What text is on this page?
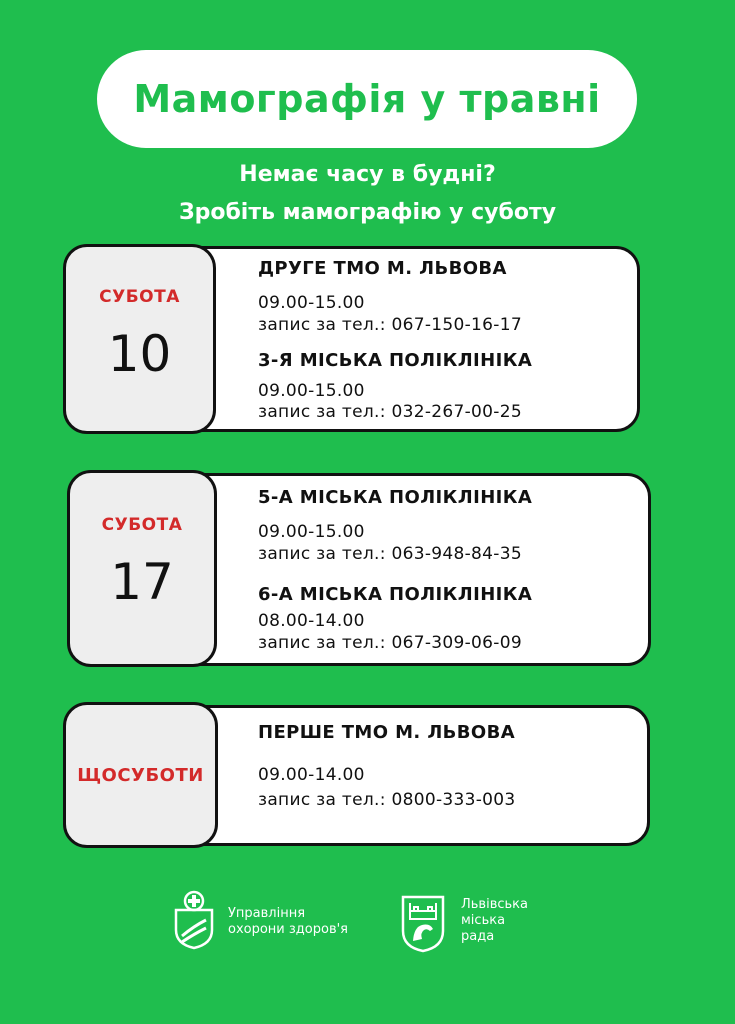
Мамографія у травні
Немає часу в будні?
Зробіть мамографію у суботу
СУБОТА
10
ДРУГЕ ТМО М. ЛЬВОВА
09.00-15.00
запис за тел.: 067-150-16-17
3-Я МІСЬКА ПОЛІКЛІНІКА
09.00-15.00
запис за тел.: 032-267-00-25
СУБОТА
17
5-А МІСЬКА ПОЛІКЛІНІКА
09.00-15.00
запис за тел.: 063-948-84-35
6-А МІСЬКА ПОЛІКЛІНІКА
08.00-14.00
запис за тел.: 067-309-06-09
ЩОСУБОТИ
ПЕРШЕ ТМО М. ЛЬВОВА
09.00-14.00
запис за тел.: 0800-333-003
Управління
охорони здоров'я
Львівська
міська
рада
